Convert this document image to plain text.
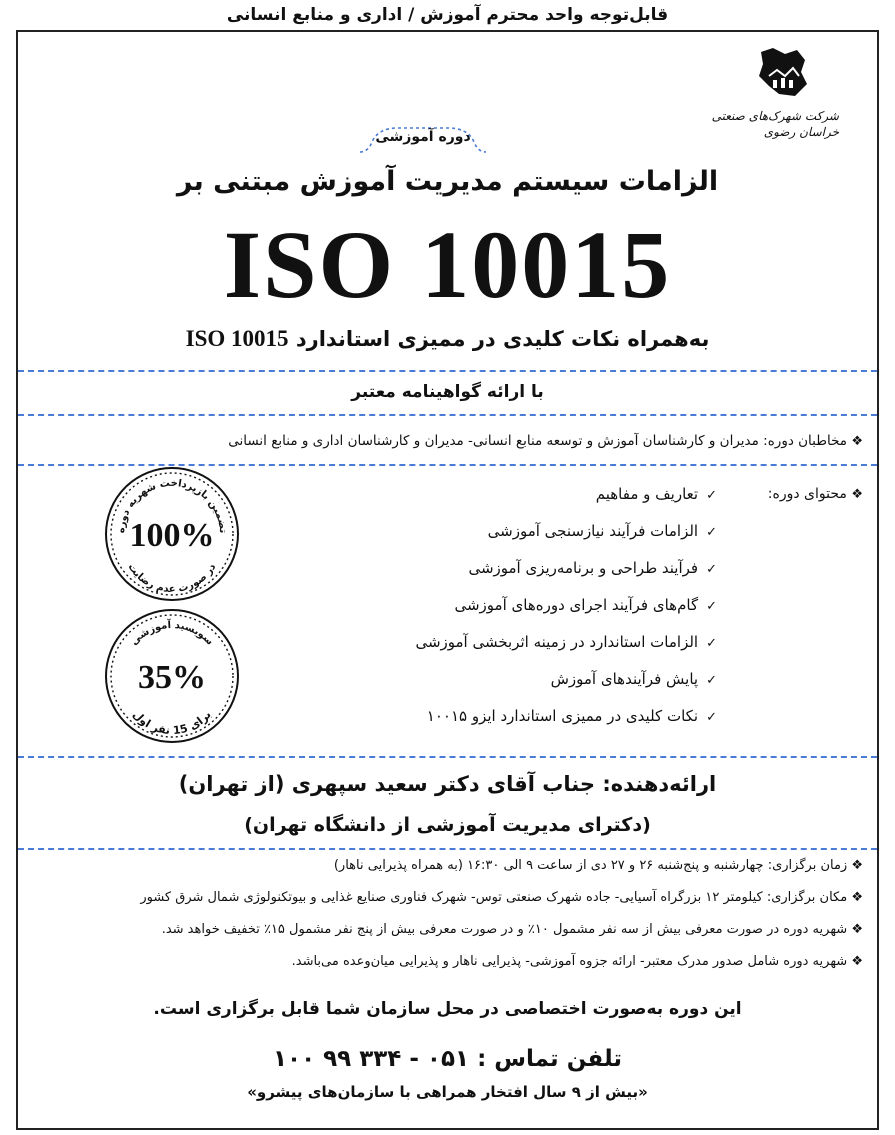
قابل‌توجه واحد محترم آموزش / اداری و منابع انسانی
شرکت شهرک‌های صنعتی خراسان رضوی
دوره آموزشی
الزامات سیستم مدیریت آموزش مبتنی بر
ISO 10015
به‌همراه نکات کلیدی در ممیزی استاندارد ISO 10015
با ارائه گواهینامه معتبر
❖ مخاطبان دوره: مدیران و کارشناسان آموزش و توسعه منابع انسانی- مدیران و کارشناسان اداری و منابع انسانی
❖ محتوای دوره:
✓تعاریف و مفاهیم
✓الزامات فرآیند نیازسنجی آموزشی
✓فرآیند طراحی و برنامه‌ریزی آموزشی
✓گام‌های فرآیند اجرای دوره‌های آموزشی
✓الزامات استاندارد در زمینه اثربخشی آموزشی
✓پایش فرآیندهای آموزش
✓نکات کلیدی در ممیزی استاندارد ایزو ۱۰۰۱۵
تضمین بازپرداخت شهریه دوره
100%
در صورت عدم رضایت
سوبسید آموزشی
35%
برای 15 نفر اول
ارائه‌دهنده: جناب آقای دکتر سعید سپهری (از تهران)
(دکترای مدیریت آموزشی از دانشگاه تهران)
❖ زمان برگزاری: چهارشنبه و پنج‌شنبه ۲۶ و ۲۷ دی از ساعت ۹ الی ۱۶:۳۰ (به همراه پذیرایی ناهار)
❖ مکان برگزاری: کیلومتر ۱۲ بزرگراه آسیایی- جاده شهرک صنعتی توس- شهرک فناوری صنایع غذایی و بیوتکنولوژی شمال شرق کشور
❖ شهریه دوره در صورت معرفی بیش از سه نفر مشمول ۱۰٪ و در صورت معرفی بیش از پنج نفر مشمول ۱۵٪ تخفیف خواهد شد.
❖ شهریه دوره شامل صدور مدرک معتبر- ارائه جزوه آموزشی- پذیرایی ناهار و پذیرایی میان‌وعده می‌باشد.
این دوره به‌صورت اختصاصی در محل سازمان شما قابل برگزاری است.
تلفن تماس : ۰۵۱ - ۳۳۴ ۹۹ ۱۰۰
«بیش از ۹ سال افتخار همراهی با سازمان‌های پیشرو»
